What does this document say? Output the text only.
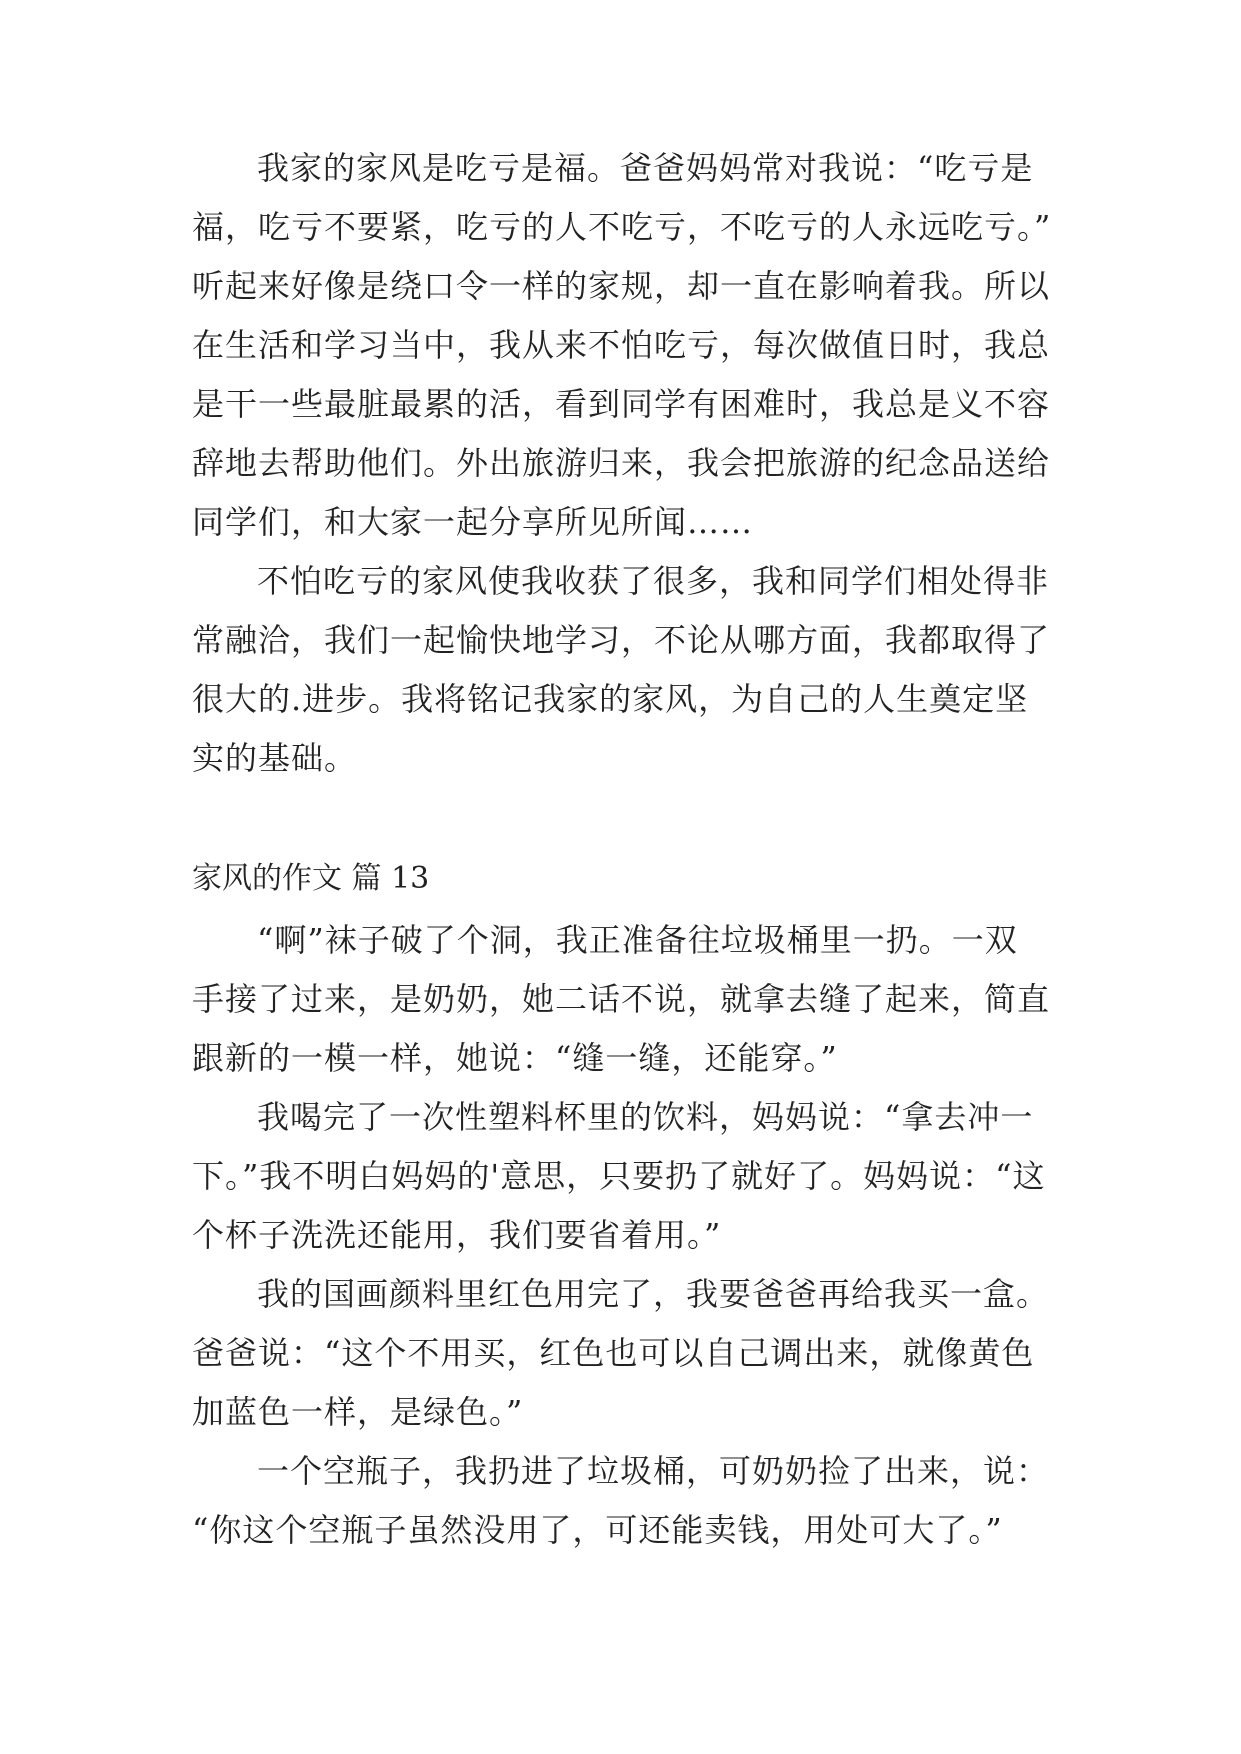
我家的家风是吃亏是福。爸爸妈妈常对我说：“吃亏是
福，吃亏不要紧，吃亏的人不吃亏，不吃亏的人永远吃亏。”
听起来好像是绕口令一样的家规，却一直在影响着我。所以
在生活和学习当中，我从来不怕吃亏，每次做值日时，我总
是干一些最脏最累的活，看到同学有困难时，我总是义不容
辞地去帮助他们。外出旅游归来，我会把旅游的纪念品送给
同学们，和大家一起分享所见所闻……
不怕吃亏的家风使我收获了很多，我和同学们相处得非
常融洽，我们一起愉快地学习，不论从哪方面，我都取得了
很大的.进步。我将铭记我家的家风，为自己的人生奠定坚
实的基础。
家风的作文 篇 13
“啊”袜子破了个洞，我正准备往垃圾桶里一扔。一双
手接了过来，是奶奶，她二话不说，就拿去缝了起来，简直
跟新的一模一样，她说：“缝一缝，还能穿。”
我喝完了一次性塑料杯里的饮料，妈妈说：“拿去冲一
下。”我不明白妈妈的'意思，只要扔了就好了。妈妈说：“这
个杯子洗洗还能用，我们要省着用。”
我的国画颜料里红色用完了，我要爸爸再给我买一盒。
爸爸说：“这个不用买，红色也可以自己调出来，就像黄色
加蓝色一样，是绿色。”
一个空瓶子，我扔进了垃圾桶，可奶奶捡了出来，说：
“你这个空瓶子虽然没用了，可还能卖钱，用处可大了。”
